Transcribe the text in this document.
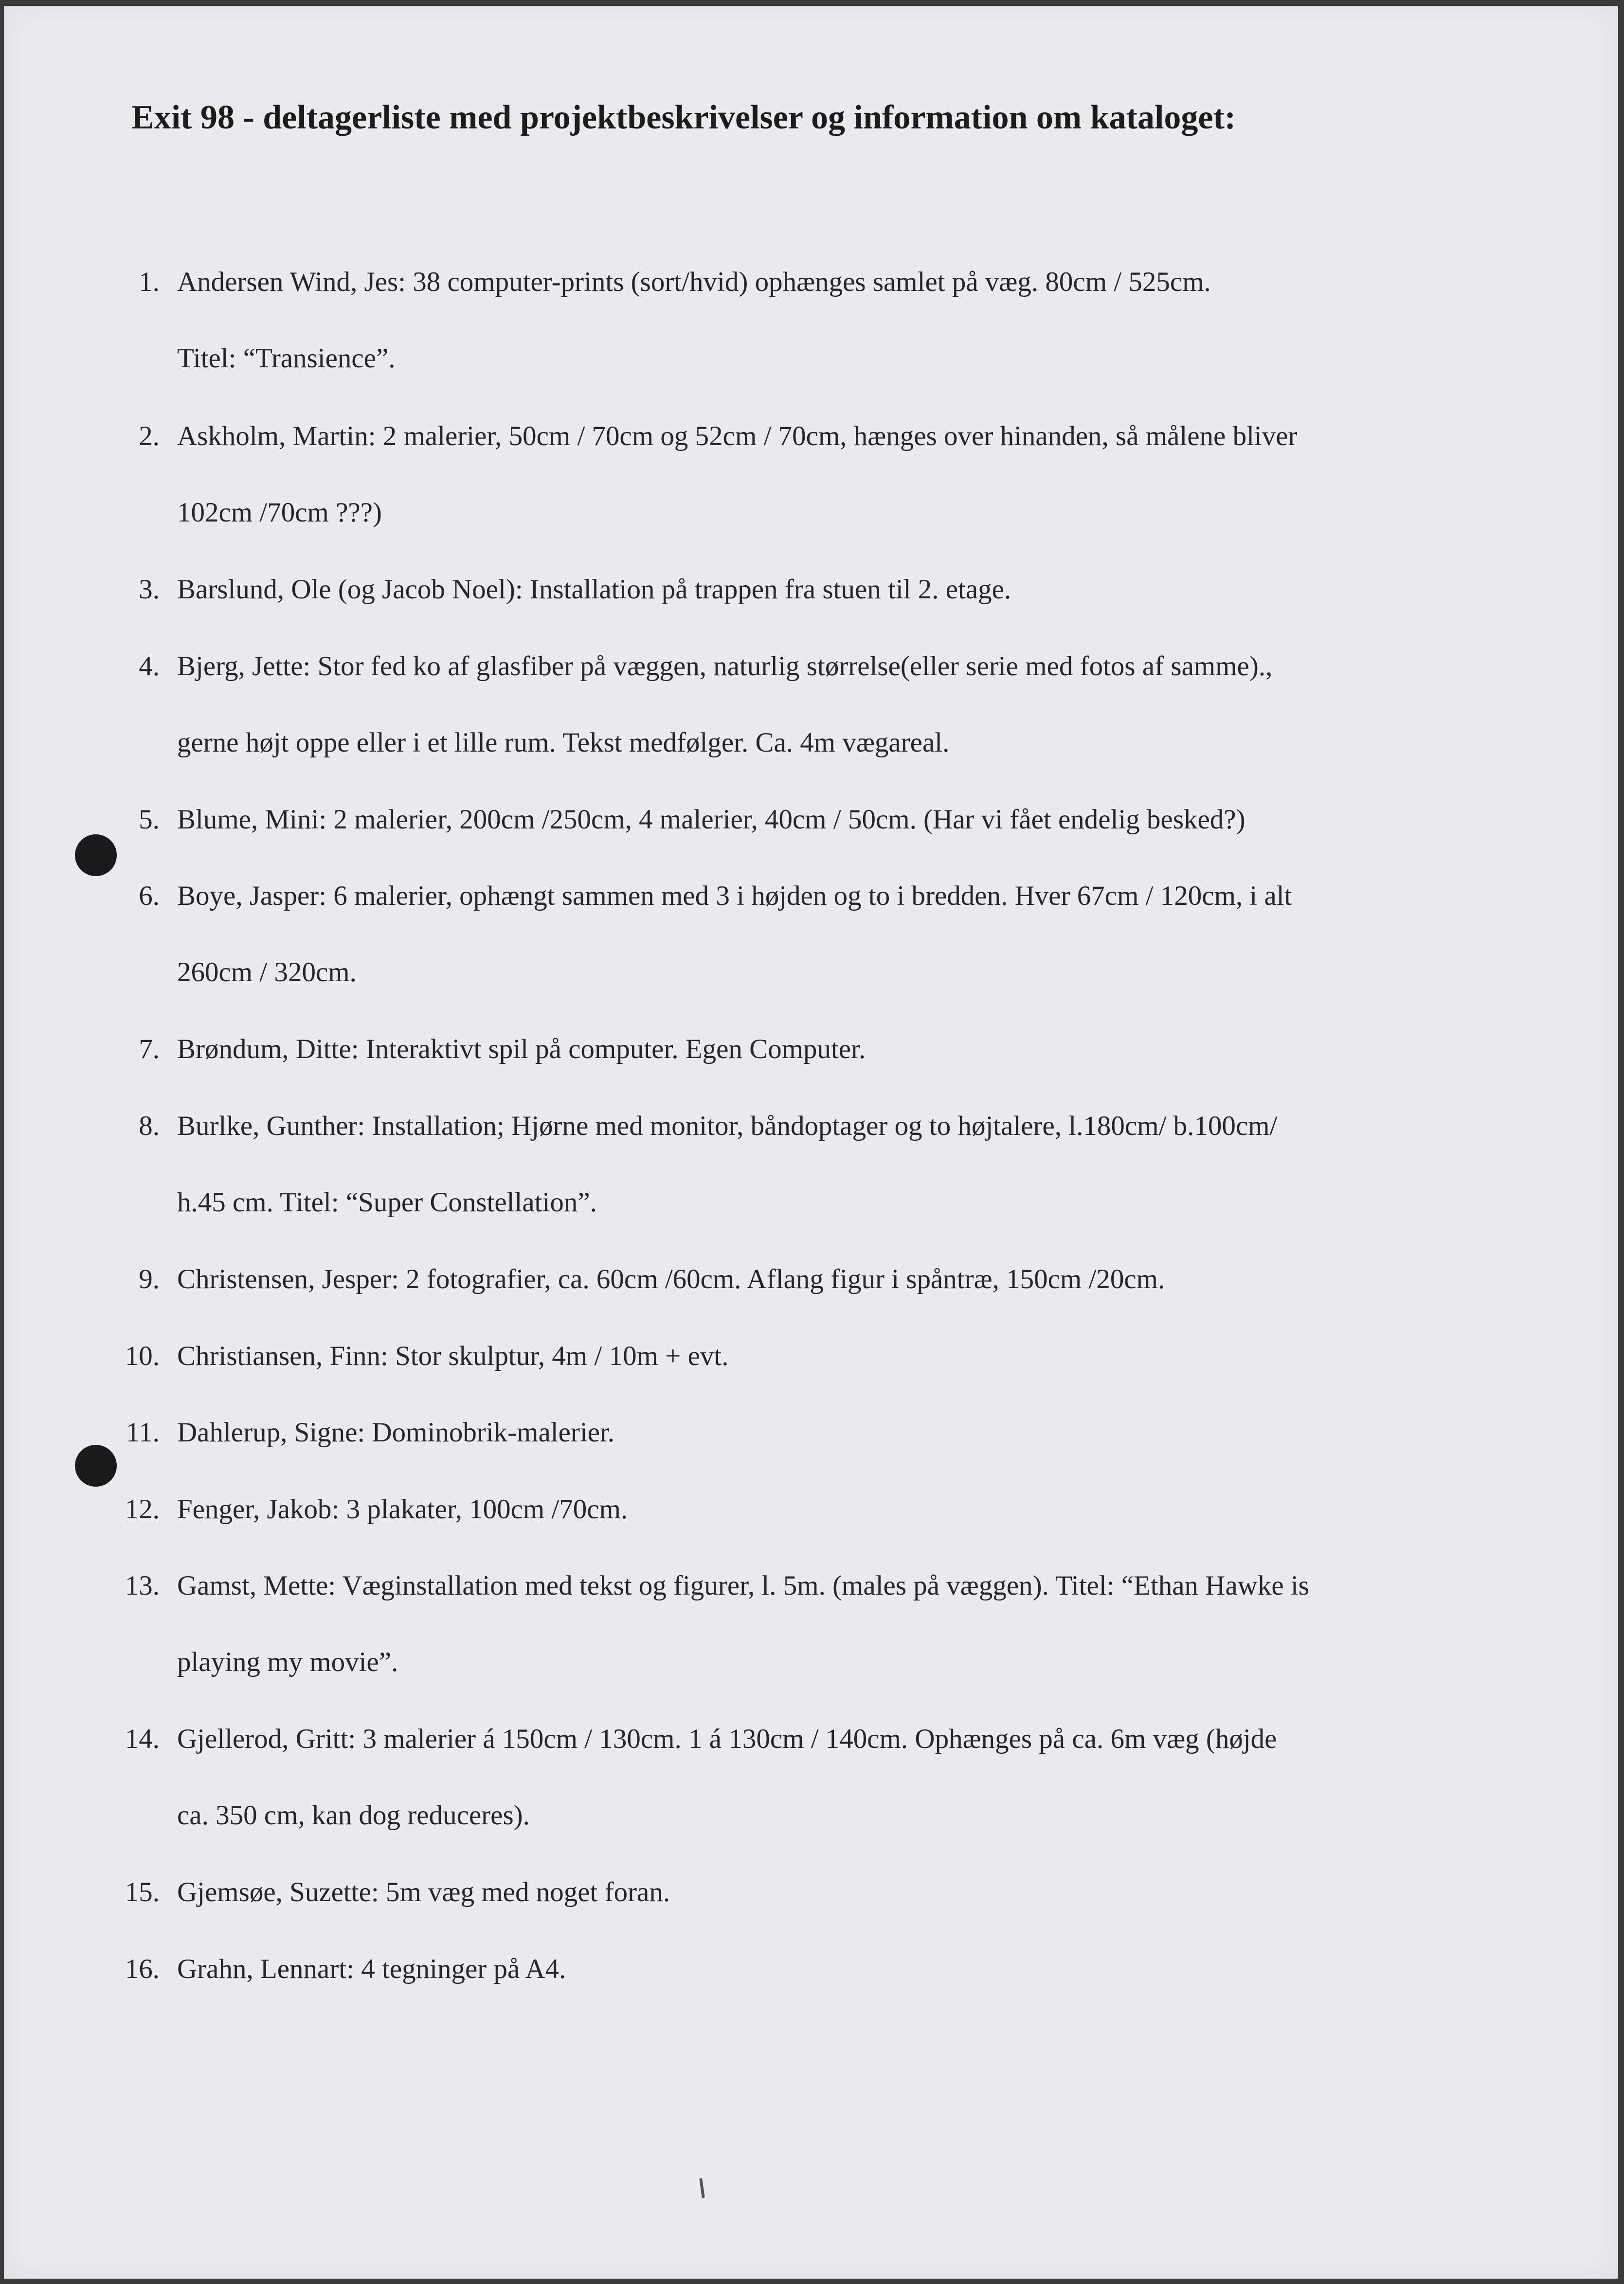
Exit 98 - deltagerliste med projektbeskrivelser og information om kataloget:
1. Andersen Wind, Jes: 38 computer-prints (sort/hvid) ophænges samlet på væg. 80cm / 525cm.
Titel: “Transience”.
2. Askholm, Martin: 2 malerier, 50cm / 70cm og 52cm / 70cm, hænges over hinanden, så målene bliver
102cm /70cm ???)
3. Barslund, Ole (og Jacob Noel): Installation på trappen fra stuen til 2. etage.
4. Bjerg, Jette: Stor fed ko af glasfiber på væggen, naturlig størrelse(eller serie med fotos af samme).,
gerne højt oppe eller i et lille rum. Tekst medfølger. Ca. 4m vægareal.
5. Blume, Mini: 2 malerier, 200cm /250cm, 4 malerier, 40cm / 50cm. (Har vi fået endelig besked?)
6. Boye, Jasper: 6 malerier, ophængt sammen med 3 i højden og to i bredden. Hver 67cm / 120cm, i alt
260cm / 320cm.
7. Brøndum, Ditte: Interaktivt spil på computer. Egen Computer.
8. Burlke, Gunther: Installation; Hjørne med monitor, båndoptager og to højtalere, l.180cm/ b.100cm/
h.45 cm. Titel: “Super Constellation”.
9. Christensen, Jesper: 2 fotografier, ca. 60cm /60cm. Aflang figur i spåntræ, 150cm /20cm.
10. Christiansen, Finn: Stor skulptur, 4m / 10m + evt.
11. Dahlerup, Signe: Dominobrik-malerier.
12. Fenger, Jakob: 3 plakater, 100cm /70cm.
13. Gamst, Mette: Væginstallation med tekst og figurer, l. 5m. (males på væggen). Titel: “Ethan Hawke is
playing my movie”.
14. Gjellerod, Gritt: 3 malerier á 150cm / 130cm. 1 á 130cm / 140cm. Ophænges på ca. 6m væg (højde
ca. 350 cm, kan dog reduceres).
15. Gjemsøe, Suzette: 5m væg med noget foran.
16. Grahn, Lennart: 4 tegninger på A4.
